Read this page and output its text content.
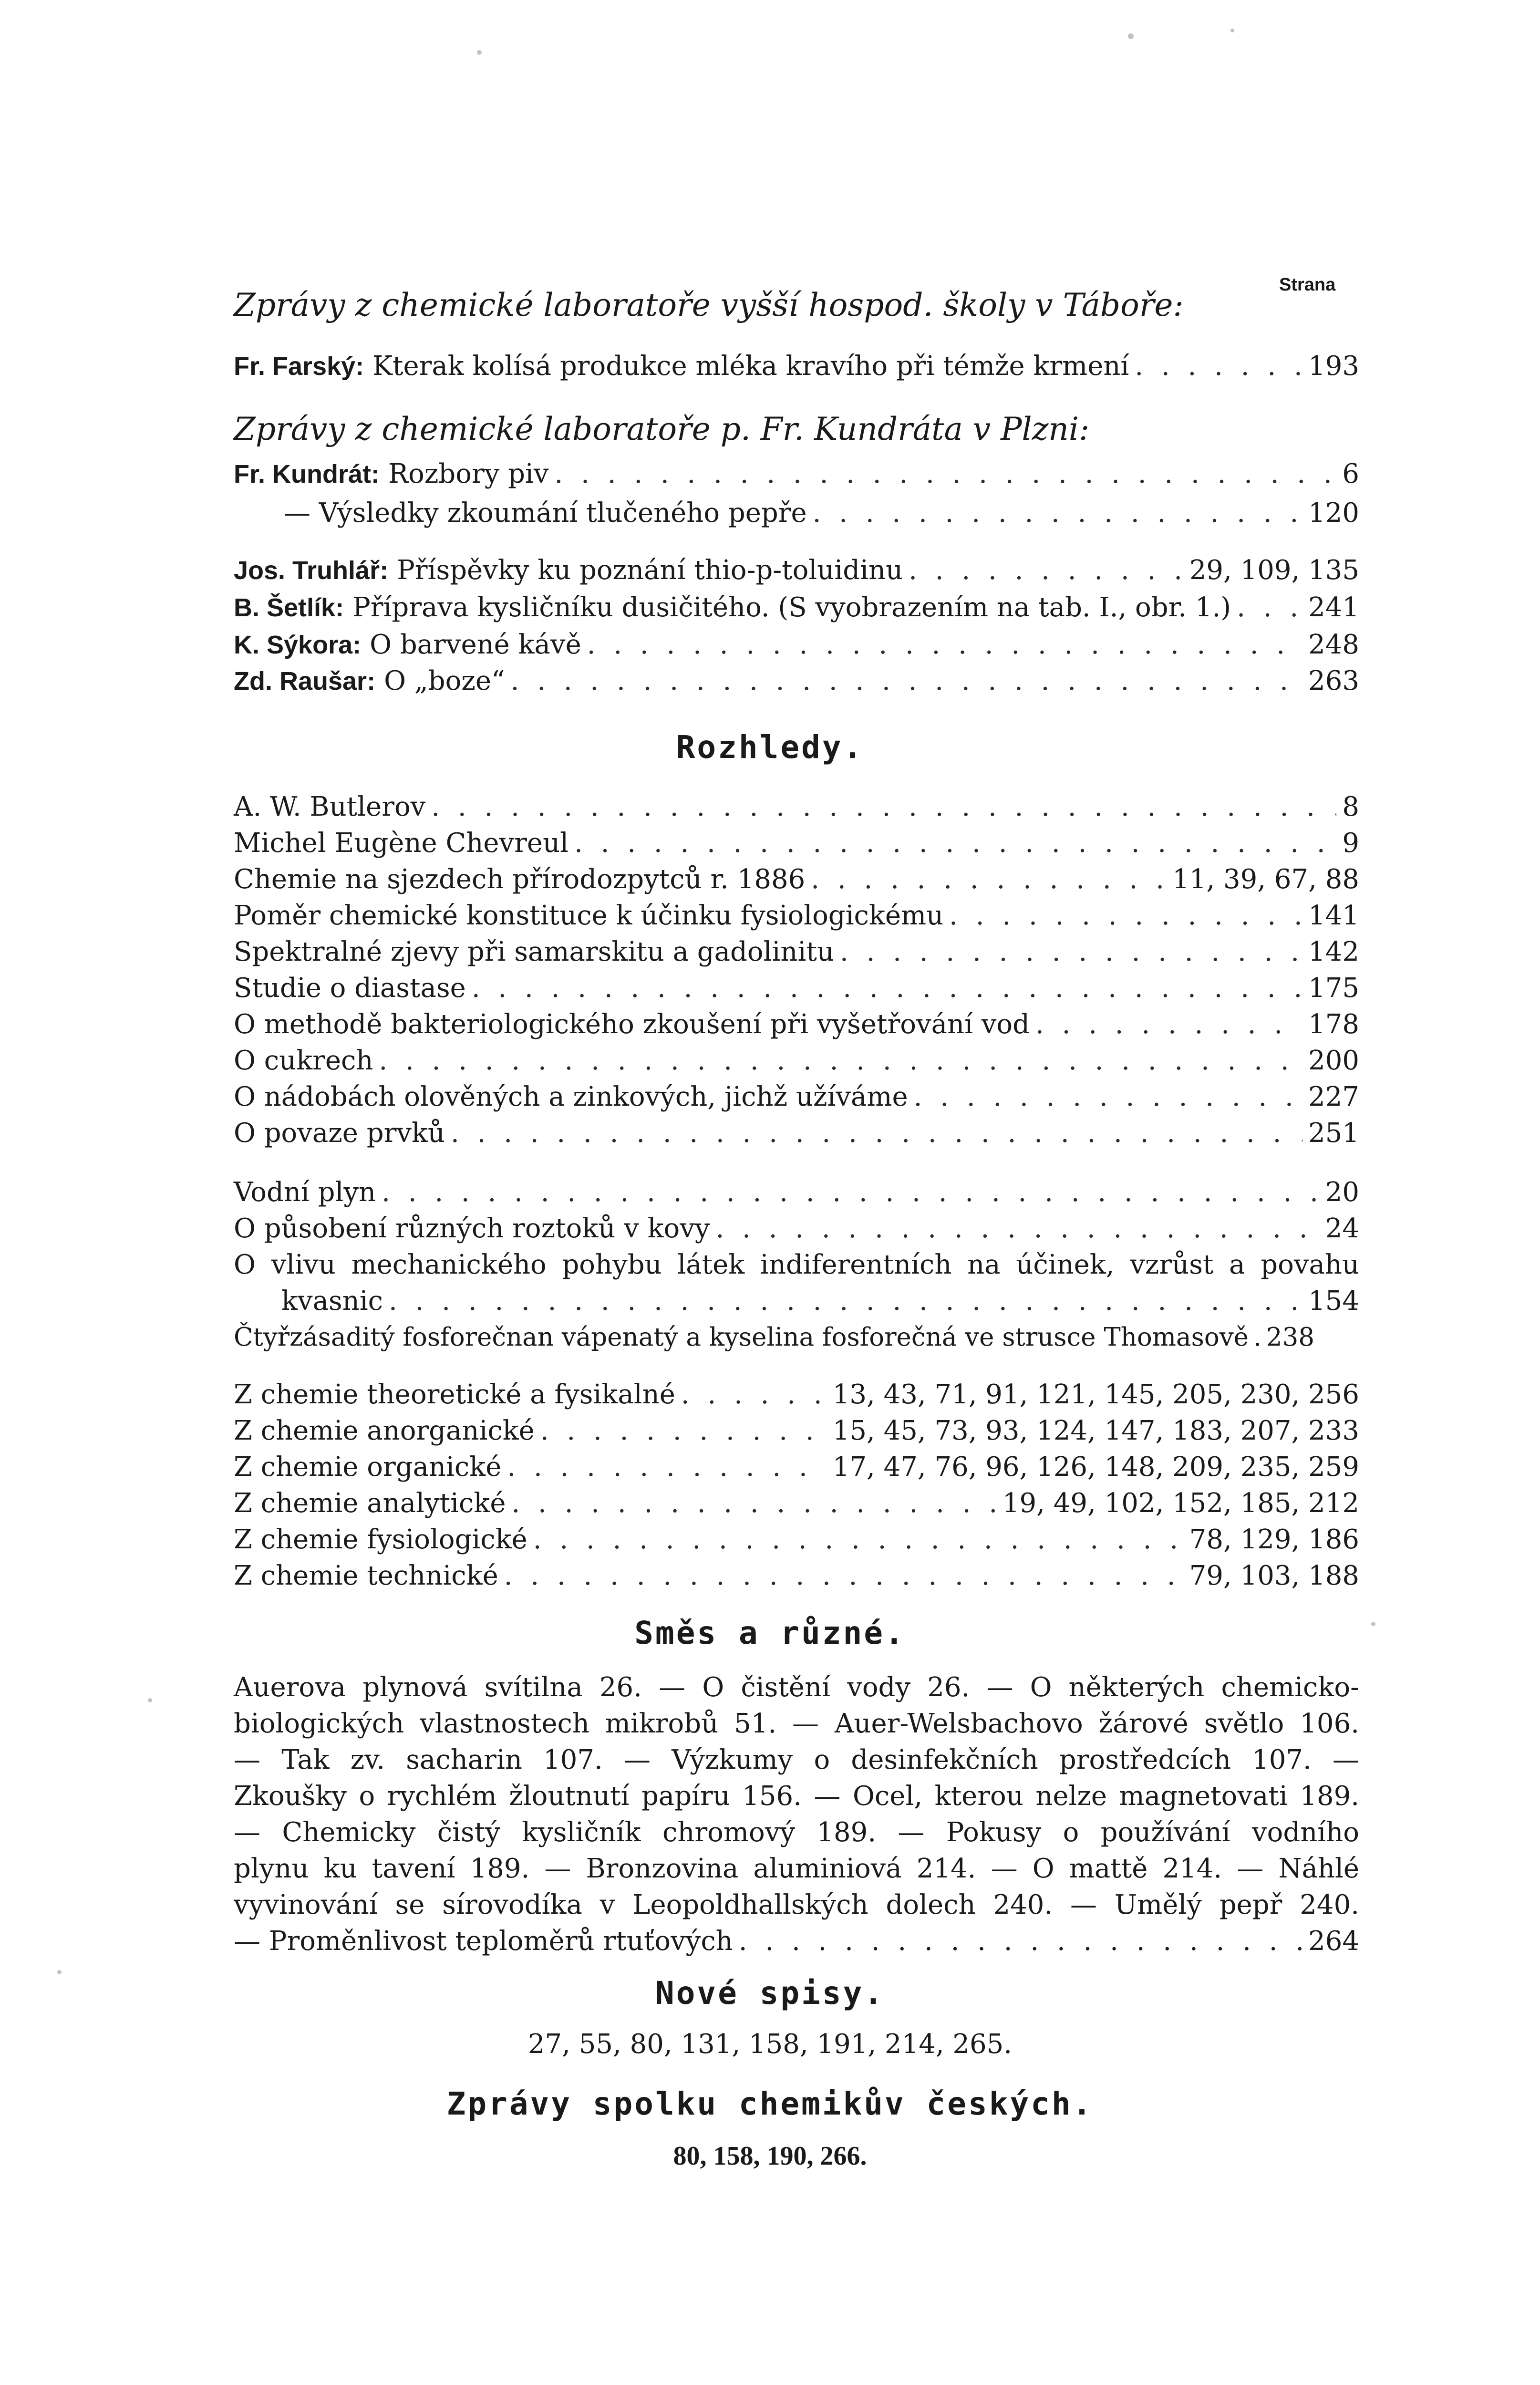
Strana
Zprávy z chemické laboratoře vyšší hospod. školy v Táboře:
Fr. Farský: Kterak kolísá produkce mléka kravího při témže krmení . . .	193
Zprávy z chemické laboratoře p. Fr. Kundráta v Plzni:
Fr. Kundrát: Rozbory piv . . .	6
— Výsledky zkoumání tlučeného pepře . . .	120
Jos. Truhlář: Příspěvky ku poznání thio-p-toluidinu . . .	29, 109, 135
B. Šetlík: Příprava kysličníku dusičitého. (S vyobrazením na tab. I., obr. 1.) . . .	241
K. Sýkora: O barvené kávě . . .	248
Zd. Raušar: O „boze“ . . .	263
Rozhledy.
A. W. Butlerov . . .	8
Michel Eugène Chevreul . . .	9
Chemie na sjezdech přírodozpytců r. 1886 . . .	11, 39, 67, 88
Poměr chemické konstituce k účinku fysiologickému . . .	141
Spektralné zjevy při samarskitu a gadolinitu . . .	142
Studie o diastase . . .	175
O methodě bakteriologického zkoušení při vyšetřování vod . . .	178
O cukrech . . .	200
O nádobách olověných a zinkových, jichž užíváme . . .	227
O povaze prvků . . .	251
Vodní plyn . . .	20
O působení různých roztoků v kovy . . .	24
O vlivu mechanického pohybu látek indiferentních na účinek, vzrůst a povahu
kvasnic . . .	154
Čtyřzásaditý fosforečnan vápenatý a kyselina fosforečná ve strusce Thomasově . 238
Z chemie theoretické a fysikalné . . .	13, 43, 71, 91, 121, 145, 205, 230, 256
Z chemie anorganické . . .	15, 45, 73, 93, 124, 147, 183, 207, 233
Z chemie organické . . .	17, 47, 76, 96, 126, 148, 209, 235, 259
Z chemie analytické . . .	19, 49, 102, 152, 185, 212
Z chemie fysiologické . . .	78, 129, 186
Z chemie technické . . .	79, 103, 188
Směs a různé.
Auerova plynová svítilna 26. — O čistění vody 26. — O některých chemicko-
biologických vlastnostech mikrobů 51. — Auer-Welsbachovo žárové světlo 106.
— Tak zv. sacharin 107. — Výzkumy o desinfekčních prostředcích 107. —
Zkoušky o rychlém žloutnutí papíru 156. — Ocel, kterou nelze magnetovati 189.
— Chemicky čistý kysličník chromový 189. — Pokusy o používání vodního
plynu ku tavení 189. — Bronzovina aluminiová 214. — O mattě 214. — Náhlé
vyvinování se sírovodíka v Leopoldhallských dolech 240. — Umělý pepř 240.
— Proměnlivost teploměrů rtuťových . . .	264
Nové spisy.
27, 55, 80, 131, 158, 191, 214, 265.
Zprávy spolku chemikův českých.
80, 158, 190, 266.
